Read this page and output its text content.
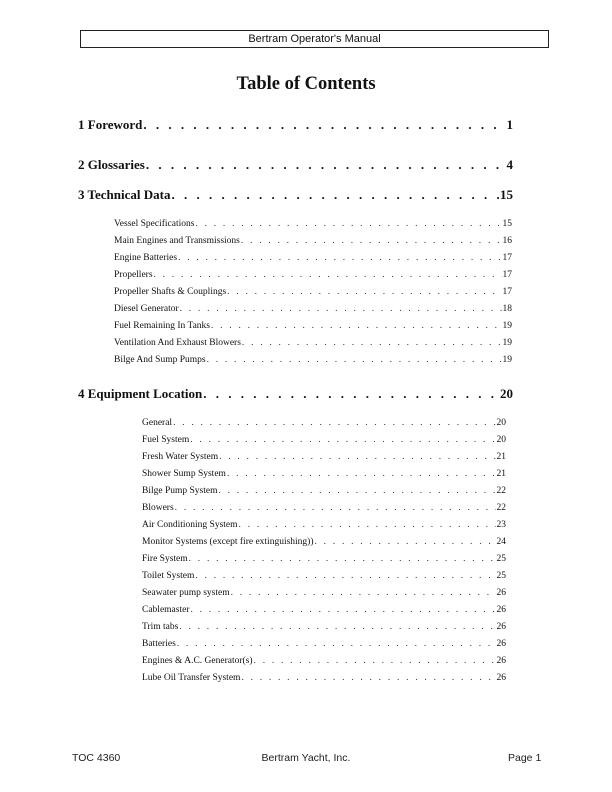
Bertram Operator's Manual
Table of Contents
1 Foreword . . .	1
2 Glossaries . . .	4
3 Technical Data . . .	15
Vessel Specifications . . .	15
Main Engines and Transmissions . . .	16
Engine Batteries . . .	17
Propellers . . .	17
Propeller Shafts & Couplings . . .	17
Diesel Generator . . .	18
Fuel Remaining In Tanks . . .	19
Ventilation And Exhaust Blowers . . .	19
Bilge And Sump Pumps . . .	19
4 Equipment Location . . .	20
General . . .	20
Fuel System . . .	20
Fresh Water System . . .	21
Shower Sump System . . .	21
Bilge Pump System . . .	22
Blowers . . .	22
Air Conditioning System . . .	23
Monitor Systems (except fire extinguishing)) . . .	24
Fire System . . .	25
Toilet System . . .	25
Seawater pump system . . .	26
Cablemaster . . .	26
Trim tabs . . .	26
Batteries . . .	26
Engines & A.C. Generator(s) . . .	26
Lube Oil Transfer System . . .	26
TOC 4360	Bertram Yacht, Inc.	Page 1
